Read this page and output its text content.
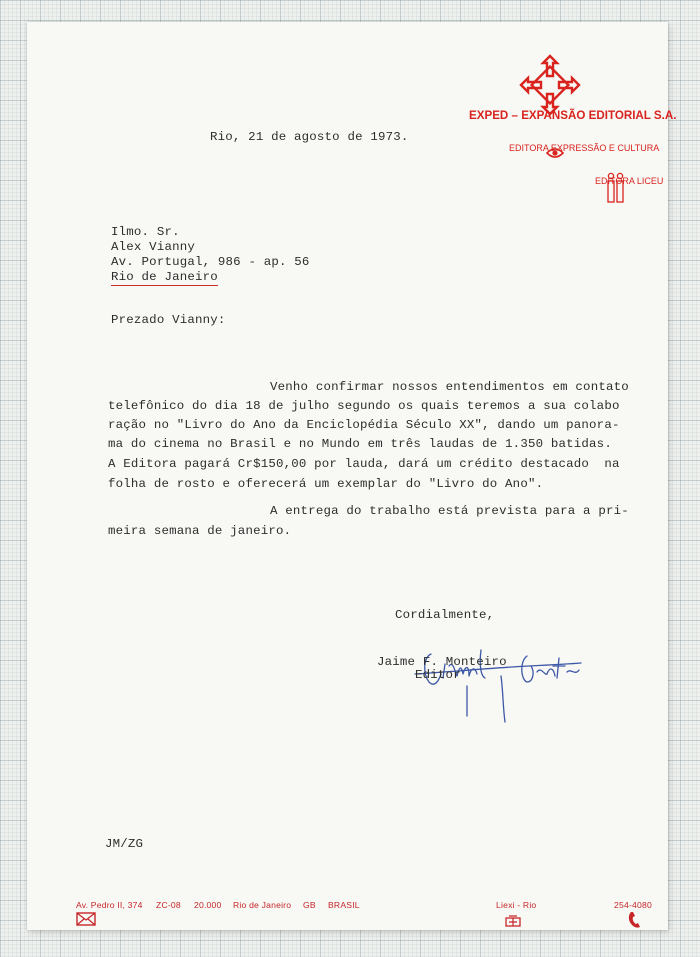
EXPED – EXPANSÃO EDITORIAL S.A.

EDITORA EXPRESSÃO E CULTURA

EDITORA LICEU
Rio, 21 de agosto de 1973.
Ilmo. Sr.
Alex Vianny
Av. Portugal, 986 - ap. 56
Rio de Janeiro
Prezado Vianny:
Venho confirmar nossos entendimentos em contato
telefônico do dia 18 de julho segundo os quais teremos a sua colabo
ração no "Livro do Ano da Enciclopédia Século XX", dando um panora-
ma do cinema no Brasil e no Mundo em três laudas de 1.350 batidas.
A Editora pagará Cr$150,00 por lauda, dará um crédito destacado  na
folha de rosto e oferecerá um exemplar do "Livro do Ano".
A entrega do trabalho está prevista para a pri-
meira semana de janeiro.
Cordialmente,

Jaime F. Monteiro
Editor
JM/ZG

Av. Pedro II, 374 ZC-08 20.000 Rio de Janeiro GB BRASIL

	Liexi - Rio

	254-4080
